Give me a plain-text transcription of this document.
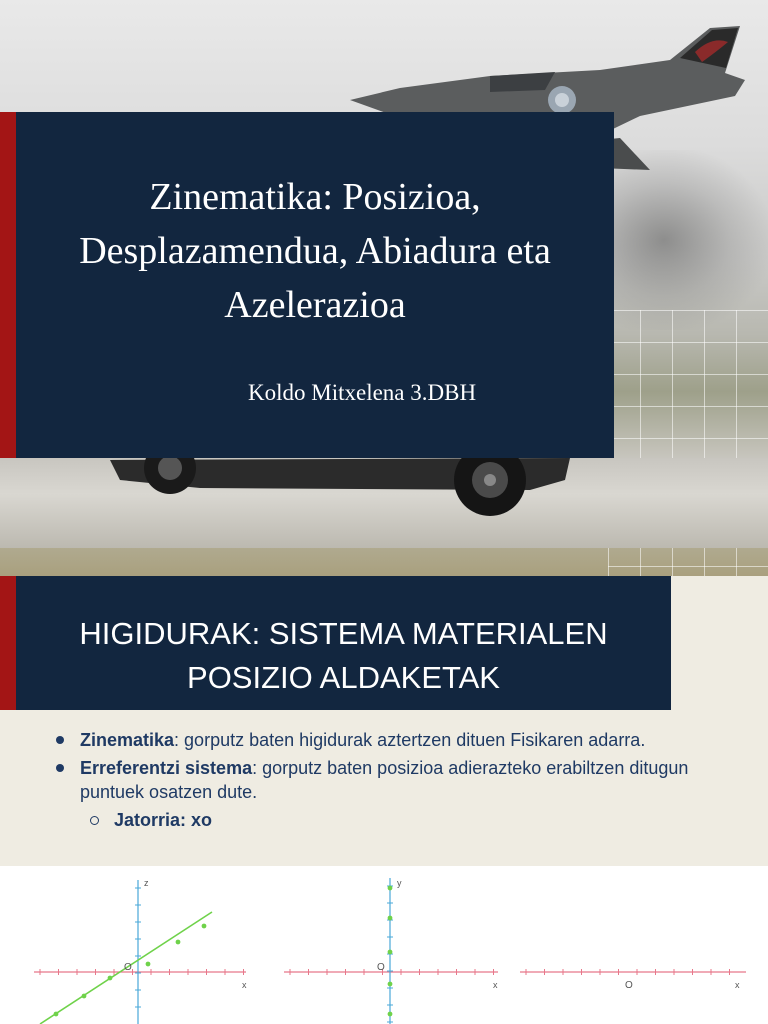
Zinematika: Posizioa,
Desplazamendua, Abiadura eta
Azelerazioa
Koldo Mitxelena 3.DBH
HIGIDURAK: SISTEMA MATERIALEN
POSIZIO ALDAKETAK
Zinematika: gorputz baten higidurak aztertzen dituen Fisikaren adarra.
Erreferentzi sistema: gorputz baten posizioa adierazteko erabiltzen ditugun puntuek osatzen dute.
Jatorria: xo
x
z
O
x
y
O
x
O
